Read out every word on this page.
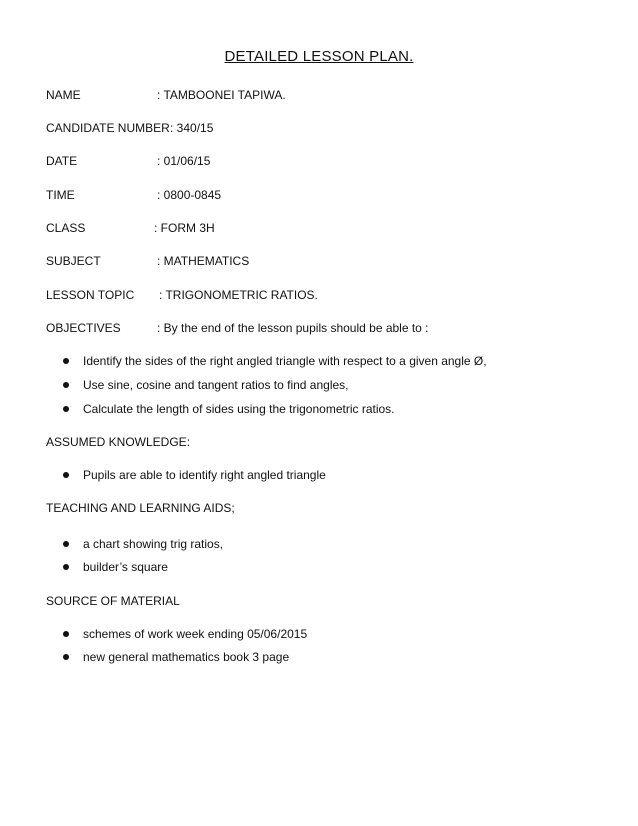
DETAILED LESSON PLAN.
NAME	: TAMBOONEI TAPIWA.
CANDIDATE NUMBER : 340/15
DATE	: 01/06/15
TIME	: 0800-0845
CLASS	: FORM 3H
SUBJECT	: MATHEMATICS
LESSON TOPIC : TRIGONOMETRIC RATIOS.
OBJECTIVES	: By the end of the lesson pupils should be able to :
Identify the sides of the right angled triangle with respect to a given angle Ø,
Use sine, cosine and tangent ratios to find angles,
Calculate the length of sides using the trigonometric ratios.
ASSUMED KNOWLEDGE:
Pupils are able to identify right angled triangle
TEACHING AND LEARNING AIDS;
a chart showing trig ratios,
builder’s square
SOURCE OF MATERIAL
schemes of work week ending 05/06/2015
new general mathematics book 3 page
